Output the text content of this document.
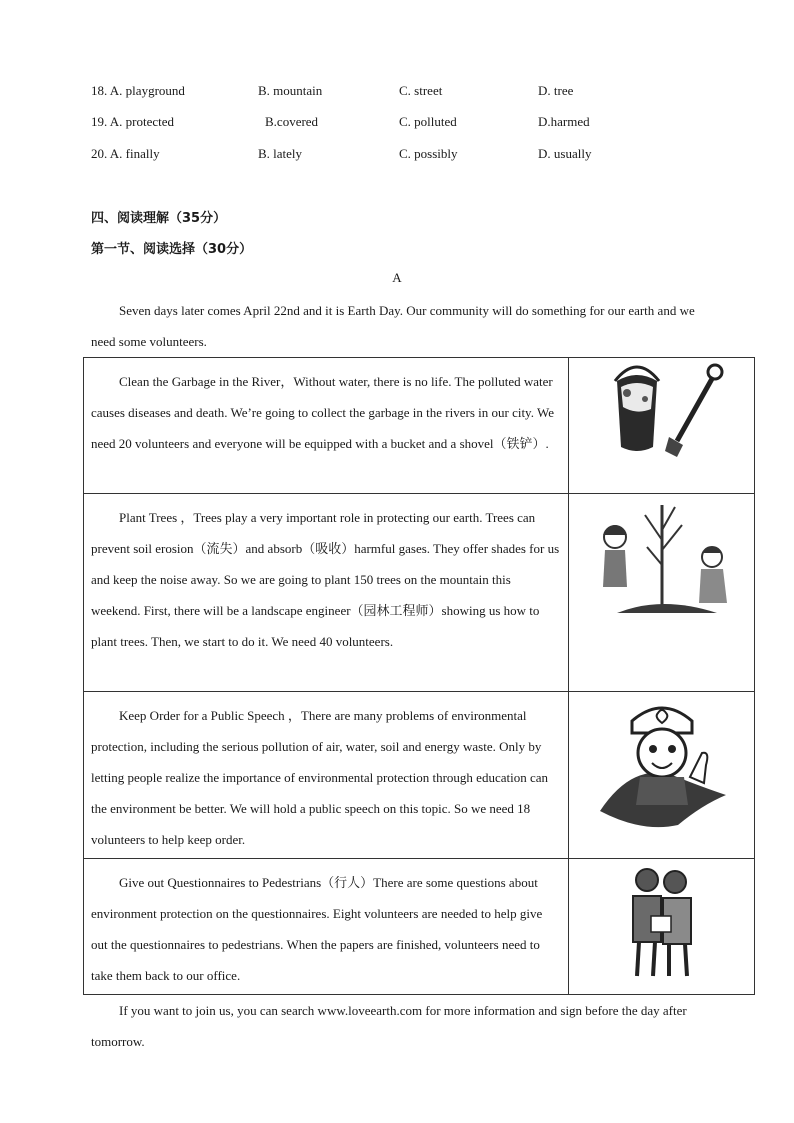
18. A. playground	B. mountain	C. street	D. tree
19. A. protected	B.covered	C. polluted	D.harmed
20. A. finally	B. lately	C. possibly	D. usually
四、阅读理解（35分）
第一节、阅读选择（30分）
A
Seven days later comes April 22nd and it is Earth Day. Our community will do something for our earth and we need some volunteers.
Clean the Garbage in the River，Without water, there is no life. The polluted water causes diseases and death. We’re going to collect the garbage in the rivers in our city. We need 20 volunteers and everyone will be equipped with a bucket and a shovel（铁铲）.	

Plant Trees ，Trees play a very important role in protecting our earth. Trees can prevent soil erosion（流失）and absorb（吸收）harmful gases. They offer shades for us and keep the noise away. So we are going to plant 150 trees on the mountain this weekend. First, there will be a landscape engineer（园林工程师）showing us how to plant trees. Then, we start to do it. We need 40 volunteers.	

Keep Order for a Public Speech ，There are many problems of environmental protection, including the serious pollution of air, water, soil and energy waste. Only by letting people realize the importance of environmental protection through education can the environment be better. We will hold a public speech on this topic. So we need 18 volunteers to help keep order.	

Give out Questionnaires to Pedestrians（行人）There are some questions about environment protection on the questionnaires. Eight volunteers are needed to help give out the questionnaires to pedestrians. When the papers are finished, volunteers need to take them back to our office.	
If you want to join us, you can search www.loveearth.com for more information and sign before the day after tomorrow.
